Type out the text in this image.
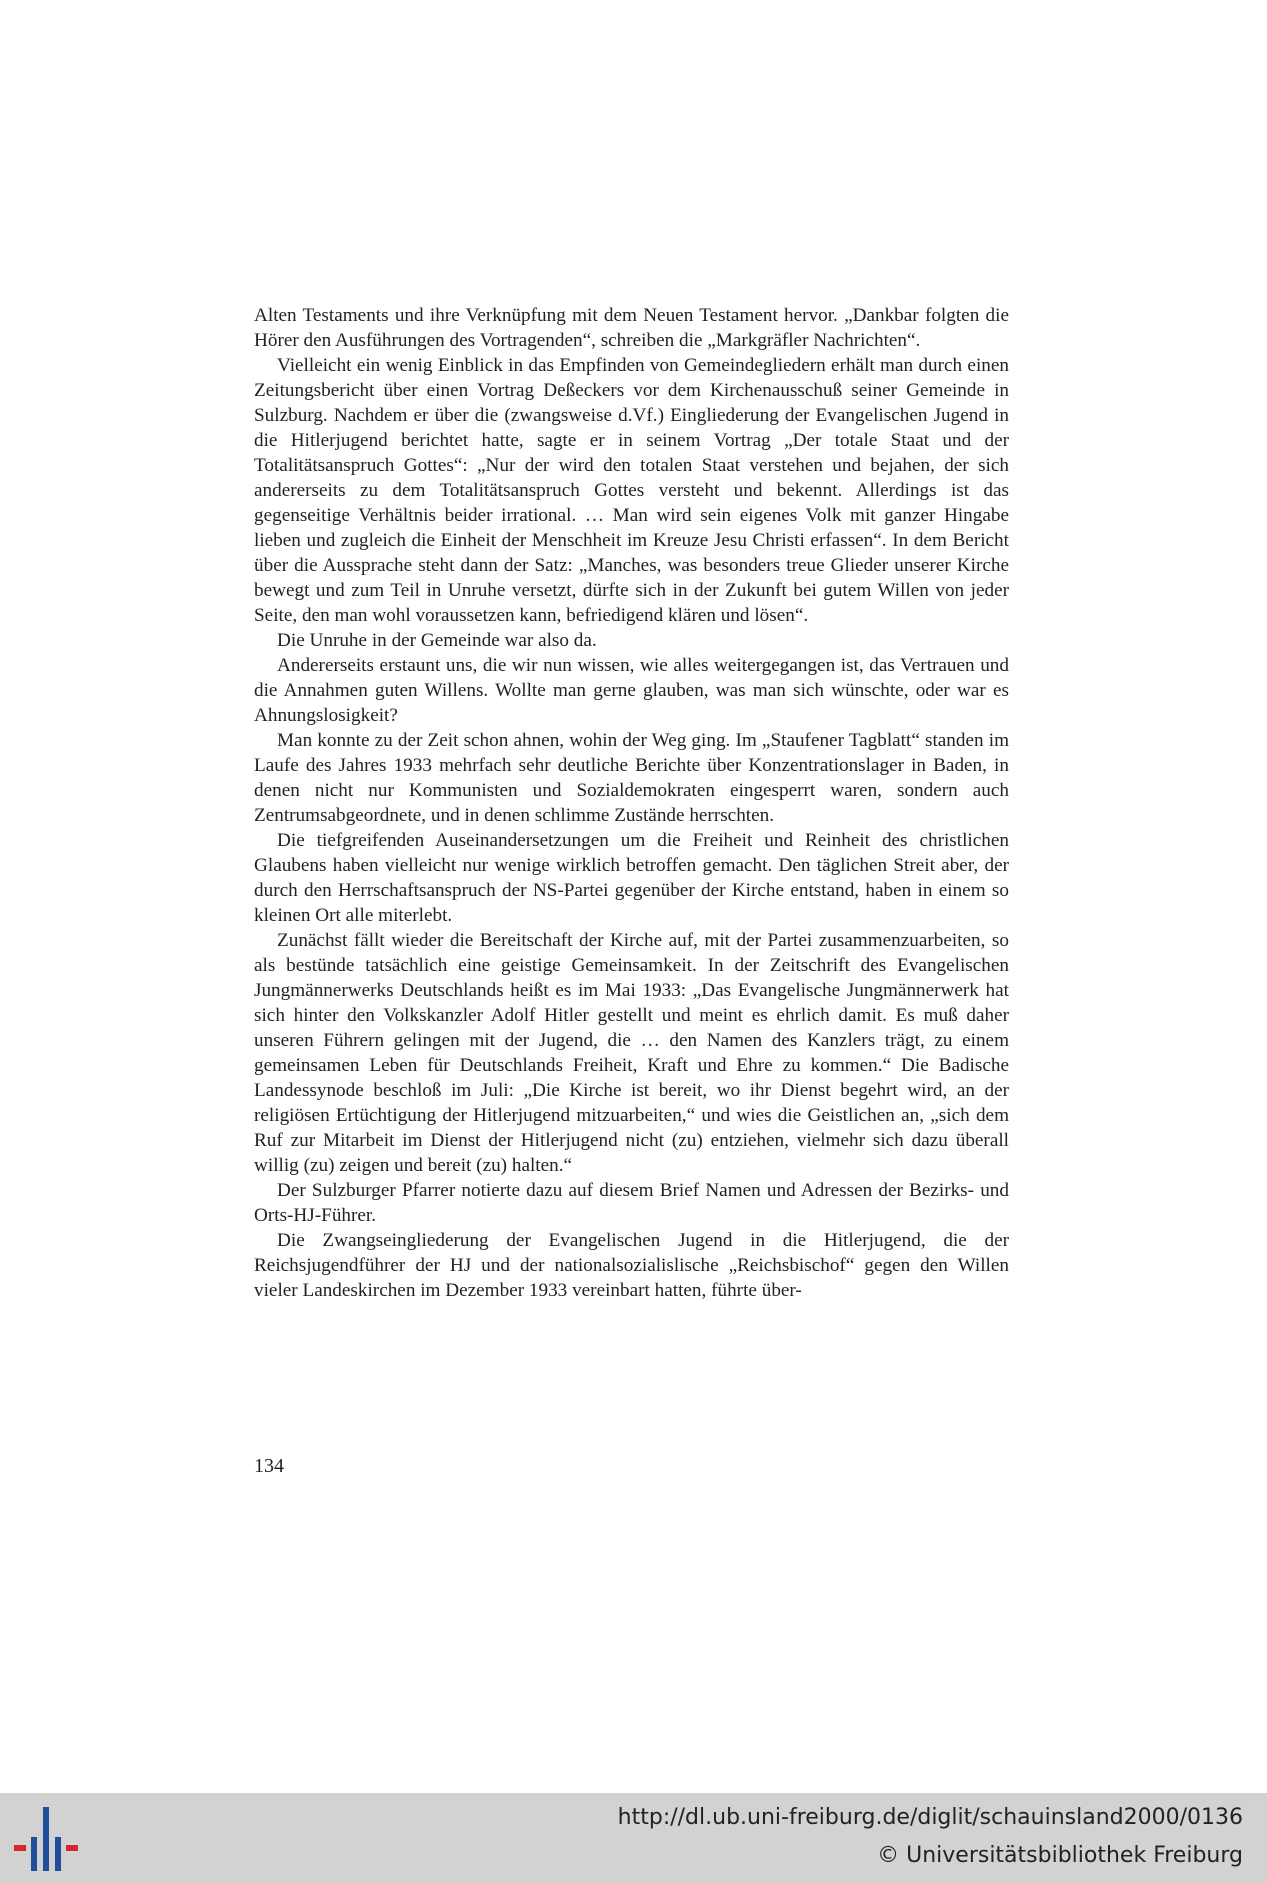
Alten Testaments und ihre Verknüpfung mit dem Neuen Testament hervor. „Dankbar folgten die Hörer den Ausführungen des Vortragenden“, schreiben die „Markgräfler Nachrichten“.

Vielleicht ein wenig Einblick in das Empfinden von Gemeindegliedern erhält man durch einen Zeitungsbericht über einen Vortrag Deßeckers vor dem Kirchenausschuß seiner Gemeinde in Sulzburg. Nachdem er über die (zwangsweise d.Vf.) Eingliederung der Evangelischen Jugend in die Hitlerjugend berichtet hatte, sagte er in seinem Vortrag „Der totale Staat und der Totalitätsanspruch Gottes“: „Nur der wird den totalen Staat verstehen und bejahen, der sich andererseits zu dem Totalitätsanspruch Gottes versteht und bekennt. Allerdings ist das gegenseitige Verhältnis beider irrational. … Man wird sein eigenes Volk mit ganzer Hingabe lieben und zugleich die Einheit der Menschheit im Kreuze Jesu Christi erfassen“. In dem Bericht über die Aussprache steht dann der Satz: „Manches, was besonders treue Glieder unserer Kirche bewegt und zum Teil in Unruhe versetzt, dürfte sich in der Zukunft bei gutem Willen von jeder Seite, den man wohl voraussetzen kann, befriedigend klären und lösen“.

Die Unruhe in der Gemeinde war also da.

Andererseits erstaunt uns, die wir nun wissen, wie alles weitergegangen ist, das Vertrauen und die Annahmen guten Willens. Wollte man gerne glauben, was man sich wünschte, oder war es Ahnungslosigkeit?

Man konnte zu der Zeit schon ahnen, wohin der Weg ging. Im „Staufener Tagblatt“ standen im Laufe des Jahres 1933 mehrfach sehr deutliche Berichte über Konzentrationslager in Baden, in denen nicht nur Kommunisten und Sozialdemokraten eingesperrt waren, sondern auch Zentrumsabgeordnete, und in denen schlimme Zustände herrschten.

Die tiefgreifenden Auseinandersetzungen um die Freiheit und Reinheit des christlichen Glaubens haben vielleicht nur wenige wirklich betroffen gemacht. Den täglichen Streit aber, der durch den Herrschaftsanspruch der NS-Partei gegenüber der Kirche entstand, haben in einem so kleinen Ort alle miterlebt.

Zunächst fällt wieder die Bereitschaft der Kirche auf, mit der Partei zusammenzuarbeiten, so als bestünde tatsächlich eine geistige Gemeinsamkeit. In der Zeitschrift des Evangelischen Jungmännerwerks Deutschlands heißt es im Mai 1933: „Das Evangelische Jungmännerwerk hat sich hinter den Volkskanzler Adolf Hitler gestellt und meint es ehrlich damit. Es muß daher unseren Führern gelingen mit der Jugend, die … den Namen des Kanzlers trägt, zu einem gemeinsamen Leben für Deutschlands Freiheit, Kraft und Ehre zu kommen.“ Die Badische Landessynode beschloß im Juli: „Die Kirche ist bereit, wo ihr Dienst begehrt wird, an der religiösen Ertüchtigung der Hitlerjugend mitzuarbeiten,“ und wies die Geistlichen an, „sich dem Ruf zur Mitarbeit im Dienst der Hitlerjugend nicht (zu) entziehen, vielmehr sich dazu überall willig (zu) zeigen und bereit (zu) halten.“

Der Sulzburger Pfarrer notierte dazu auf diesem Brief Namen und Adressen der Bezirks- und Orts-HJ-Führer.

Die Zwangseingliederung der Evangelischen Jugend in die Hitlerjugend, die der Reichsjugendführer der HJ und der nationalsozialislische „Reichsbischof“ gegen den Willen vieler Landeskirchen im Dezember 1933 vereinbart hatten, führte über-

134
http://dl.ub.uni-freiburg.de/diglit/schauinsland2000/0136
© Universitätsbibliothek Freiburg
